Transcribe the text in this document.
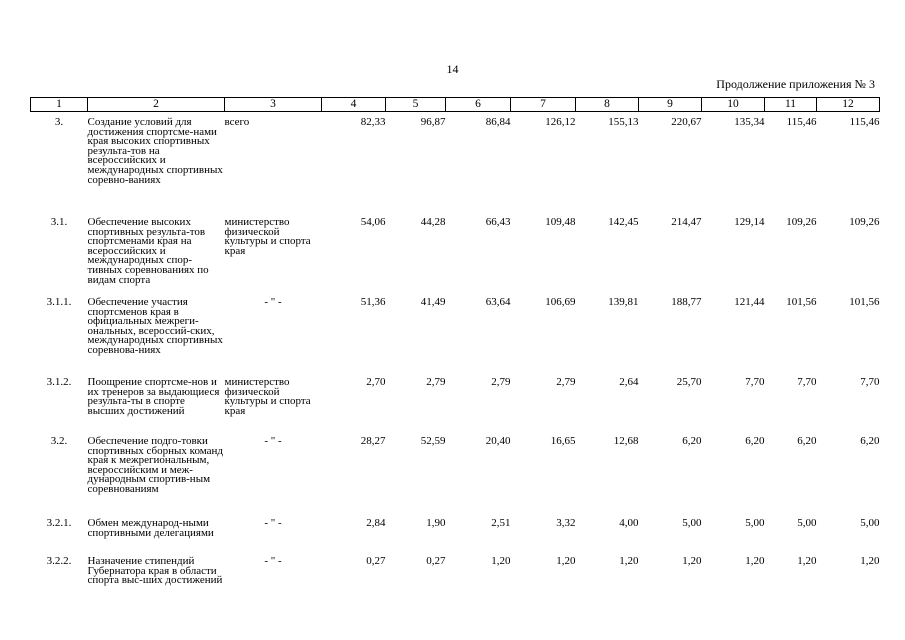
14
Продолжение приложения № 3
1	2	3	4	5	6	7	8	9	10	11	12
3.	Создание условий для достижения спортсме-нами края высоких спортивных результа-тов на всероссийских и международных спортивных соревно-ваниях	всего	82,33	96,87	86,84	126,12	155,13	220,67	135,34	115,46	115,46
3.1.	Обеспечение высоких спортивных результа-тов спортсменами края на всероссийских и международных спор-тивных соревнованиях по видам спорта	министерство физической культуры и спорта края	54,06	44,28	66,43	109,48	142,45	214,47	129,14	109,26	109,26
3.1.1.	Обеспечение участия спортсменов края в официальных межреги-ональных, всероссий-ских, международных спортивных соревнова-ниях	- " -	51,36	41,49	63,64	106,69	139,81	188,77	121,44	101,56	101,56
3.1.2.	Поощрение спортсме-нов и их тренеров за выдающиеся результа-ты в спорте высших достижений	министерство физической культуры и спорта края	2,70	2,79	2,79	2,79	2,64	25,70	7,70	7,70	7,70
3.2.	Обеспечение подго-товки спортивных сборных команд края к межрегиональным, всероссийским и меж-дународным спортив-ным соревнованиям	- " -	28,27	52,59	20,40	16,65	12,68	6,20	6,20	6,20	6,20
3.2.1.	Обмен международ-ными спортивными делегациями	- " -	2,84	1,90	2,51	3,32	4,00	5,00	5,00	5,00	5,00
3.2.2.	Назначение стипендий Губернатора края в области спорта выс-ших достижений	- " -	0,27	0,27	1,20	1,20	1,20	1,20	1,20	1,20	1,20
